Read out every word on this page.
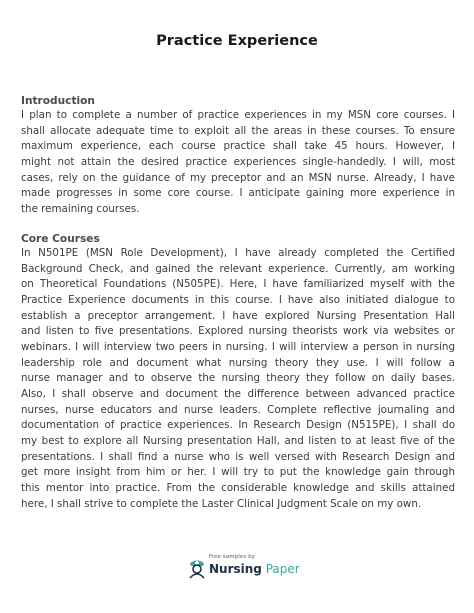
Practice Experience
Introduction
I plan to complete a number of practice experiences in my MSN core courses. I
shall allocate adequate time to exploit all the areas in these courses. To ensure
maximum experience, each course practice shall take 45 hours. However, I
might not attain the desired practice experiences single-handedly. I will, most
cases, rely on the guidance of my preceptor and an MSN nurse. Already, I have
made progresses in some core course. I anticipate gaining more experience in
the remaining courses.
Core Courses
In N501PE (MSN Role Development), I have already completed the Certified
Background Check, and gained the relevant experience. Currently, am working
on Theoretical Foundations (N505PE). Here, I have familiarized myself with the
Practice Experience documents in this course. I have also initiated dialogue to
establish a preceptor arrangement. I have explored Nursing Presentation Hall
and listen to five presentations. Explored nursing theorists work via websites or
webinars. I will interview two peers in nursing. I will interview a person in nursing
leadership role and document what nursing theory they use. I will follow a
nurse manager and to observe the nursing theory they follow on daily bases.
Also, I shall observe and document the difference between advanced practice
nurses, nurse educators and nurse leaders. Complete reflective journaling and
documentation of practice experiences. In Research Design (N515PE), I shall do
my best to explore all Nursing presentation Hall, and listen to at least five of the
presentations. I shall find a nurse who is well versed with Research Design and
get more insight from him or her. I will try to put the knowledge gain through
this mentor into practice. From the considerable knowledge and skills attained
here, I shall strive to complete the Laster Clinical Judgment Scale on my own.
Free samples by
Nursing Paper
